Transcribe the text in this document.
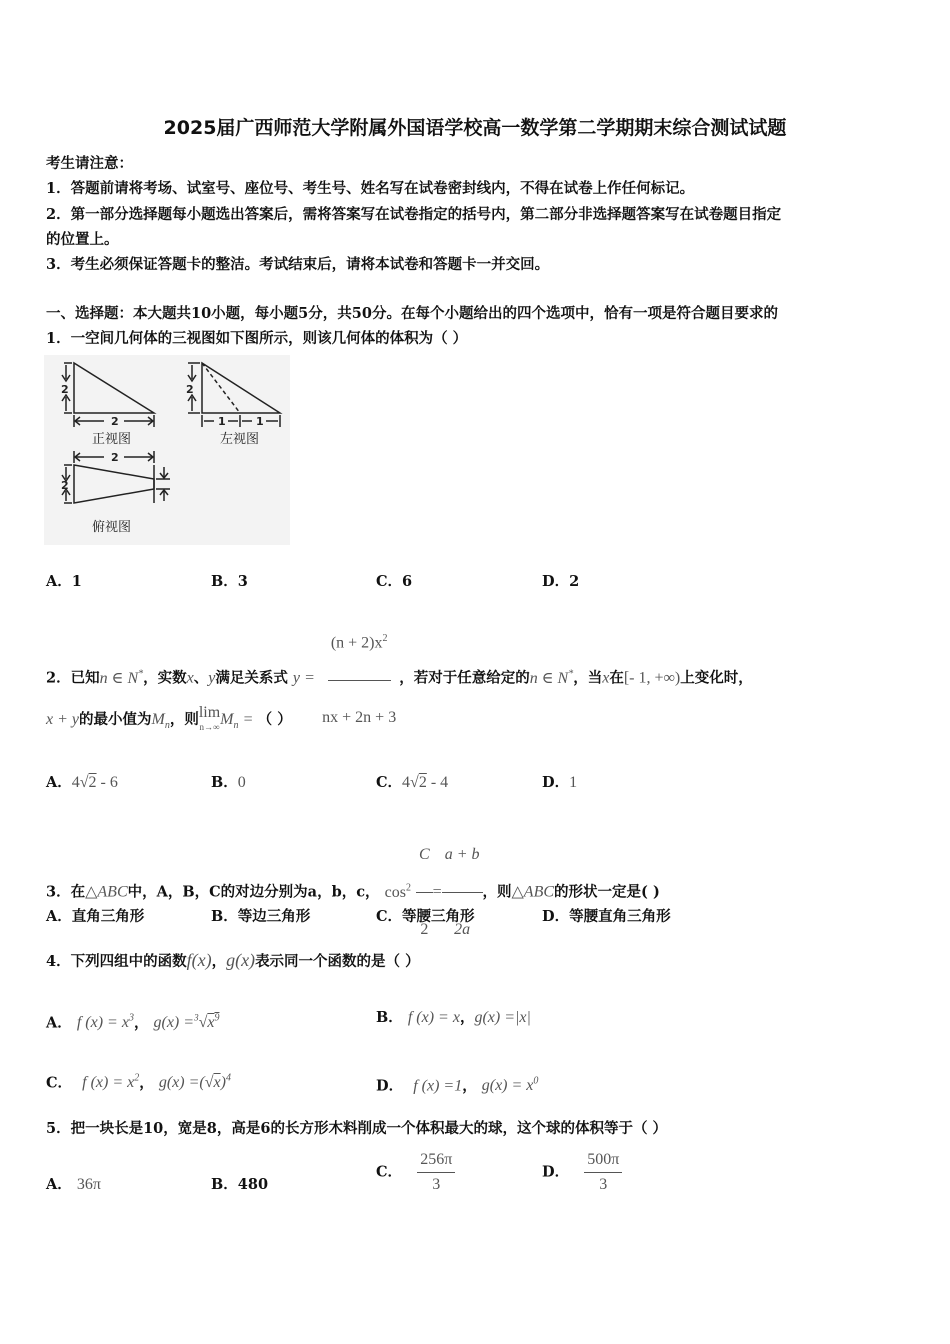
2025届广西师范大学附属外国语学校高一数学第二学期期末综合测试试题
考生请注意：
1．答题前请将考场、试室号、座位号、考生号、姓名写在试卷密封线内，不得在试卷上作任何标记。
2．第一部分选择题每小题选出答案后，需将答案写在试卷指定的括号内，第二部分非选择题答案写在试卷题目指定
的位置上。
3．考生必须保证答题卡的整洁。考试结束后，请将本试卷和答题卡一并交回。
一、选择题：本大题共10小题，每小题5分，共50分。在每个小题给出的四个选项中，恰有一项是符合题目要求的
1．一空间几何体的三视图如下图所示，则该几何体的体积为（ ）
2
2
2
1	1
2
2
正视图	左视图
俯视图
A．1	B．3	C．6	D．2
2．已知n ∈ N*，实数x、y满足关系式 $y = \frac{(n + 2)x^2}{nx + 2n + 3}$ ，若对于任意给定的n ∈ N*，当x在[- 1, +∞)上变化时，
x + y的最小值为$M_n$，则 lim
n→∞ $M_n$ = （ ）
A．4√2 - 6	B．0	C．4√2 - 4	D．1
3．在△ABC中，A，B，C的对边分别为a，b，c， $\cos^2 \frac{C}{2} = \frac{a + b}{2a}$ ，则△ABC的形状一定是( )
A．直角三角形	B．等边三角形	C．等腰三角形	D．等腰直角三角形
4．下列四组中的函数f(x)，g(x)表示同一个函数的是（ ）
A． f $(x) = x^3$， $g(x) =^3√x^9$	B． f (x) = x，g(x) =|x|
C． f $(x) = x^2$， $g(x) =(√x)^4$	D． f (x) =1， $g(x) = x^0$
5．把一块长是10，宽是8，高是6的长方形木料削成一个体积最大的球，这个球的体积等于（ ）
A． 36π	B．480
C． $\frac{256\pi}{3}$	D． $\frac{500\pi}{3}$
